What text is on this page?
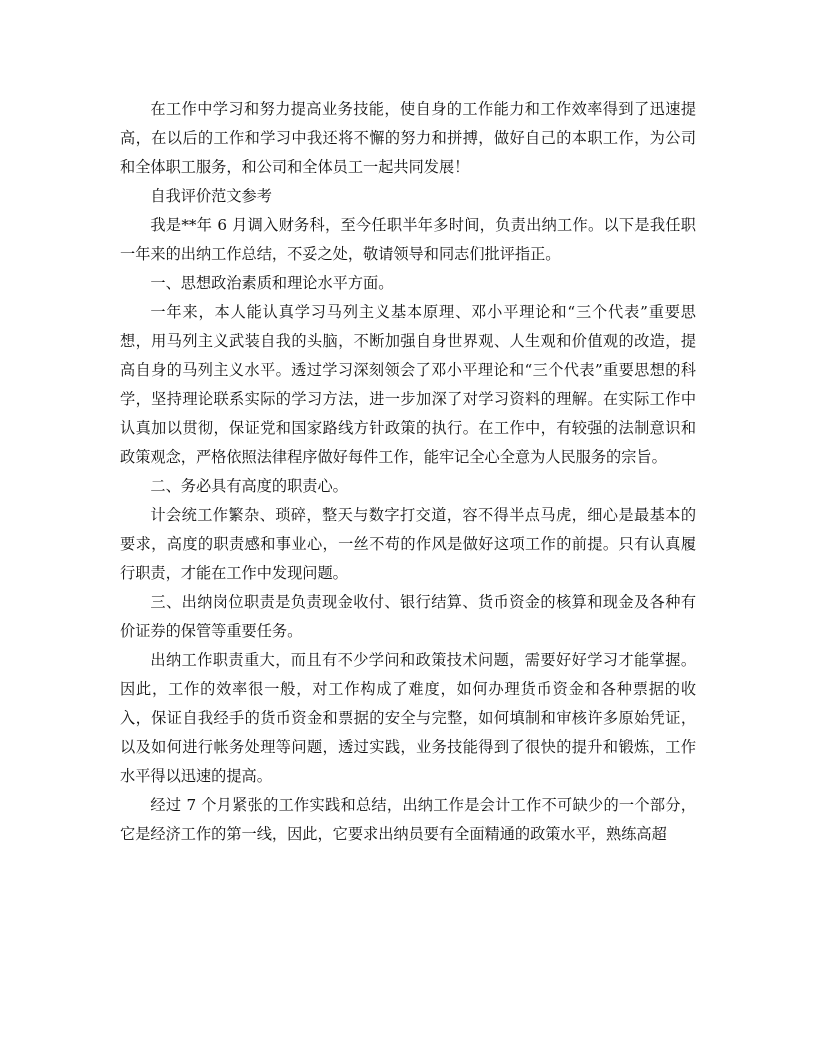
在工作中学习和努力提高业务技能，使自身的工作能力和工作效率得到了迅速提高，在以后的工作和学习中我还将不懈的努力和拼搏，做好自己的本职工作，为公司和全体职工服务，和公司和全体员工一起共同发展！

自我评价范文参考

我是**年 6 月调入财务科，至今任职半年多时间，负责出纳工作。以下是我任职一年来的出纳工作总结，不妥之处，敬请领导和同志们批评指正。

一、思想政治素质和理论水平方面。

一年来，本人能认真学习马列主义基本原理、邓小平理论和“三个代表”重要思想，用马列主义武装自我的头脑，不断加强自身世界观、人生观和价值观的改造，提高自身的马列主义水平。透过学习深刻领会了邓小平理论和“三个代表”重要思想的科学，坚持理论联系实际的学习方法，进一步加深了对学习资料的理解。在实际工作中认真加以贯彻，保证党和国家路线方针政策的执行。在工作中，有较强的法制意识和政策观念，严格依照法律程序做好每件工作，能牢记全心全意为人民服务的宗旨。

二、务必具有高度的职责心。

计会统工作繁杂、琐碎，整天与数字打交道，容不得半点马虎，细心是最基本的要求，高度的职责感和事业心，一丝不苟的作风是做好这项工作的前提。只有认真履行职责，才能在工作中发现问题。

三、出纳岗位职责是负责现金收付、银行结算、货币资金的核算和现金及各种有价证券的保管等重要任务。

出纳工作职责重大，而且有不少学问和政策技术问题，需要好好学习才能掌握。因此，工作的效率很一般，对工作构成了难度，如何办理货币资金和各种票据的收入，保证自我经手的货币资金和票据的安全与完整，如何填制和审核许多原始凭证，以及如何进行帐务处理等问题，透过实践，业务技能得到了很快的提升和锻炼，工作水平得以迅速的提高。

经过 7 个月紧张的工作实践和总结，出纳工作是会计工作不可缺少的一个部分，它是经济工作的第一线，因此，它要求出纳员要有全面精通的政策水平，熟练高超
